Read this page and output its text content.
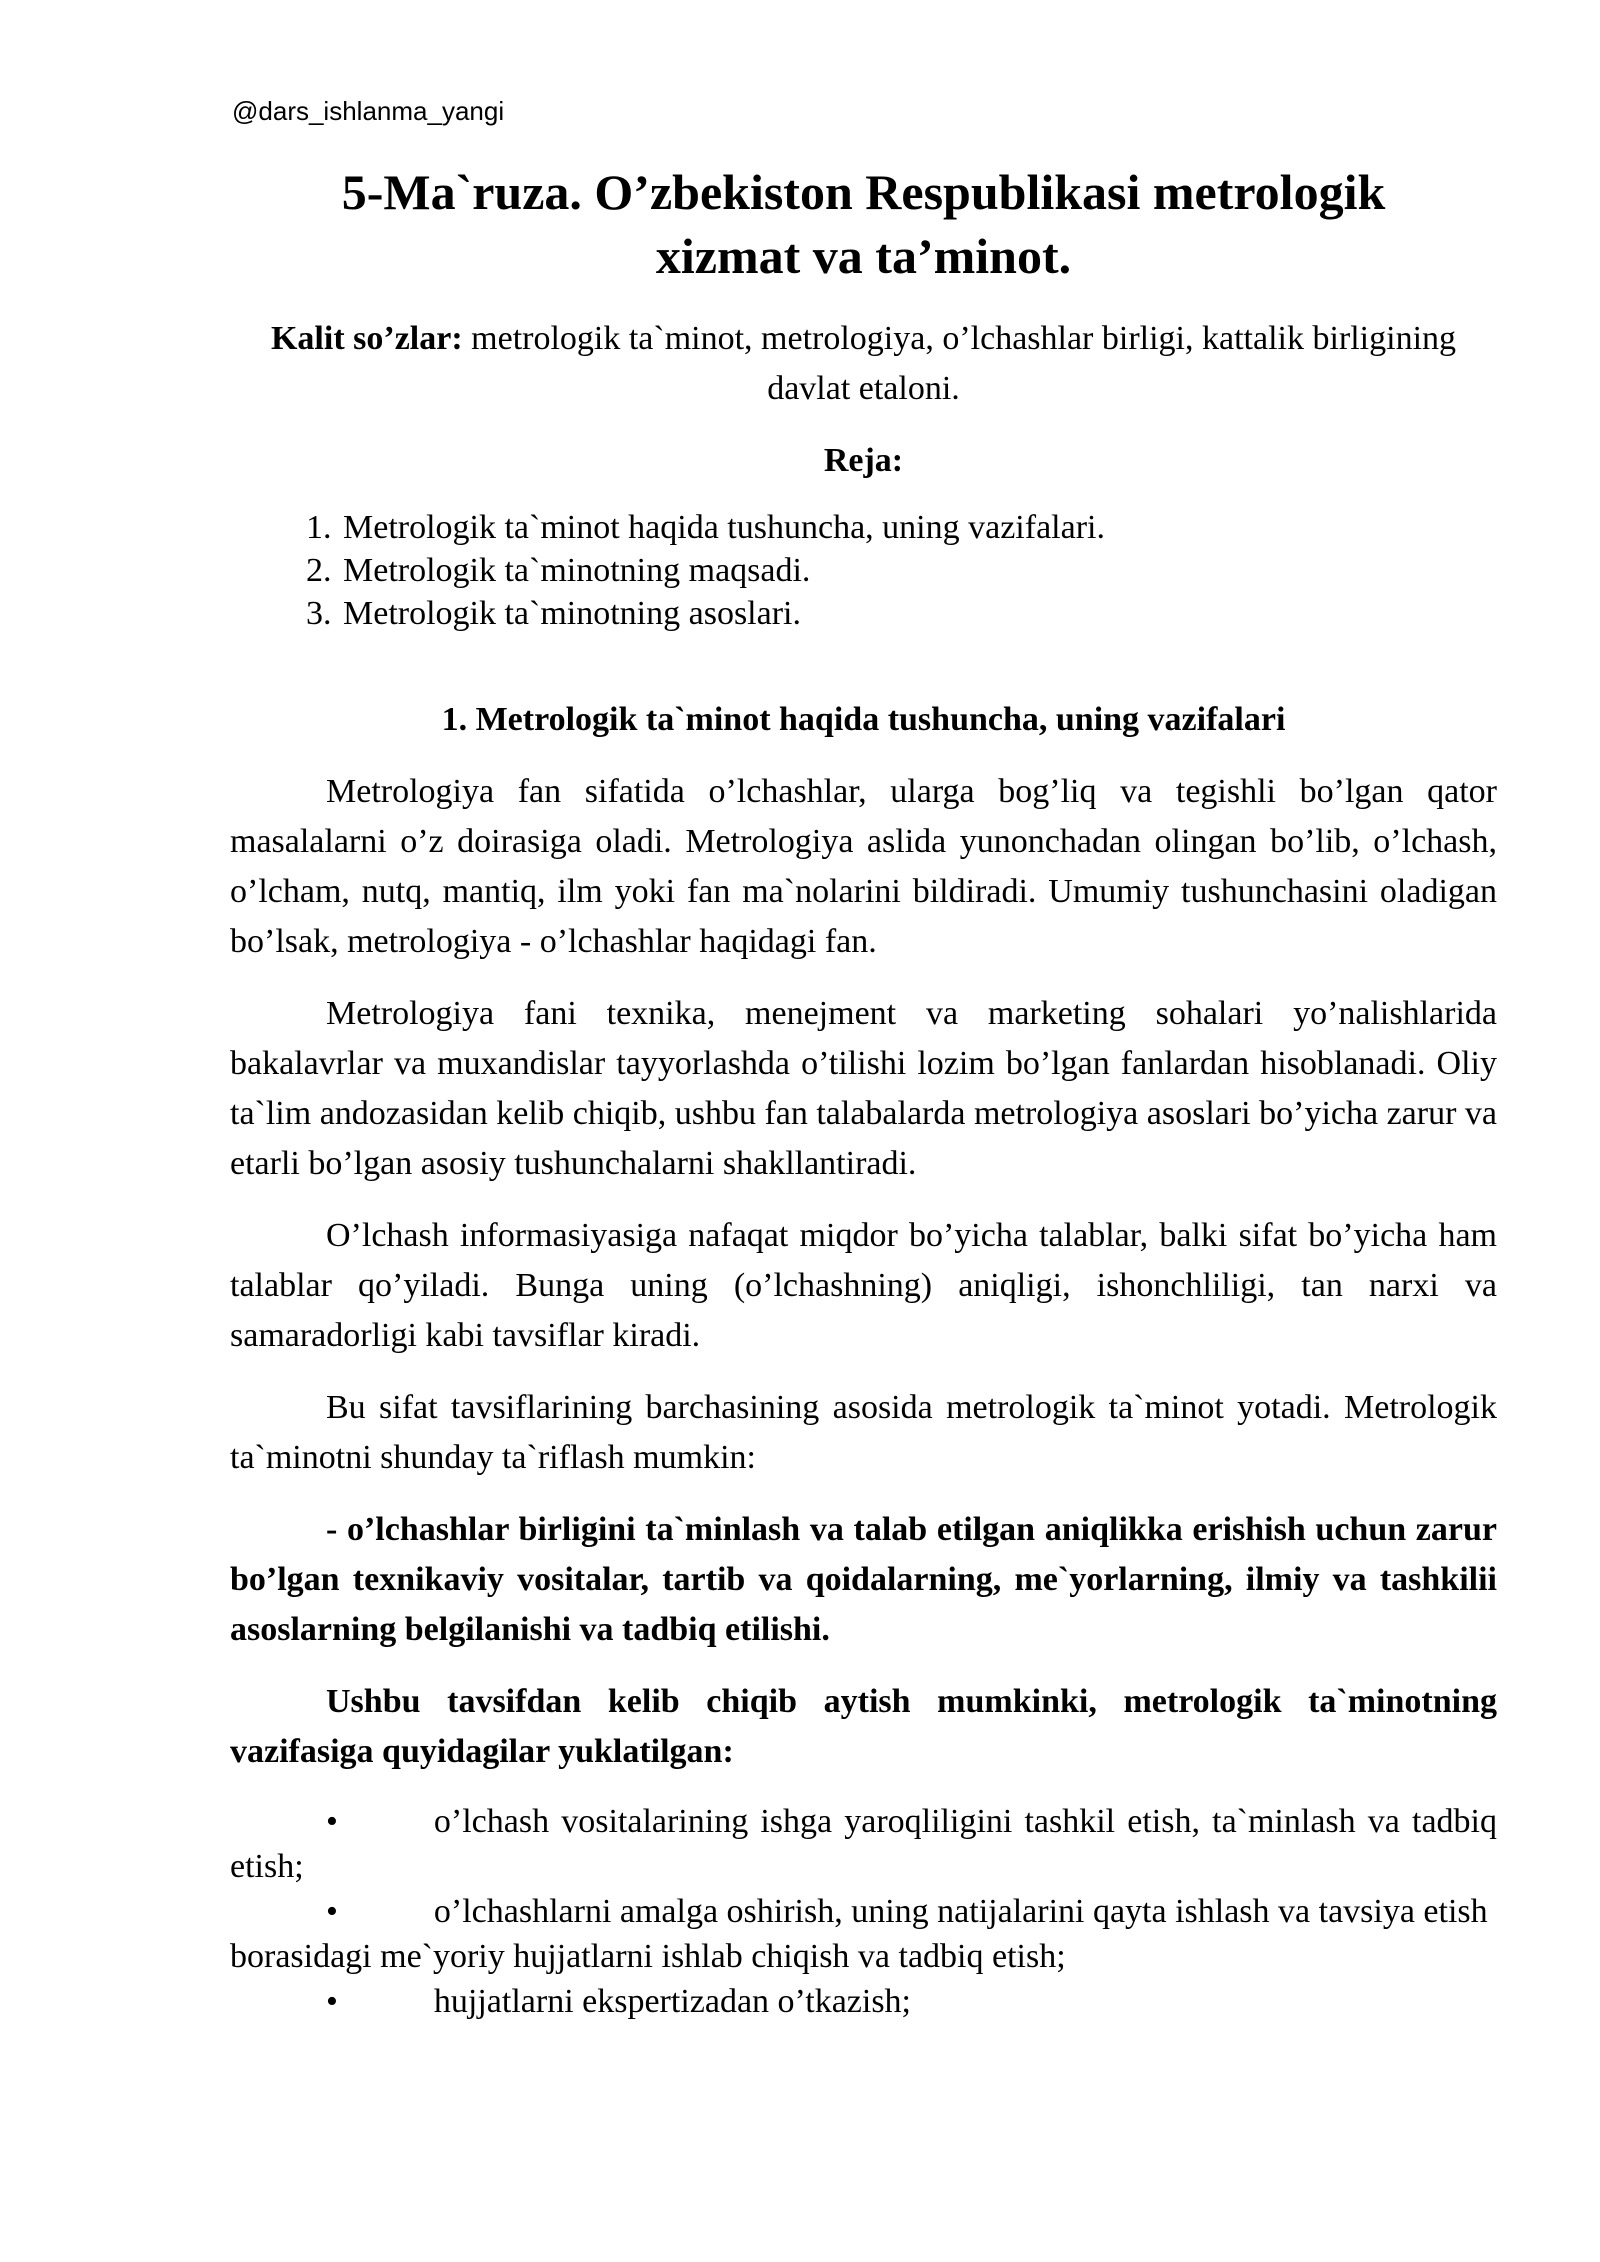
@dars_ishlanma_yangi
5-Ma`ruza. O’zbekiston Respublikasi metrologik
xizmat va ta’minot.
Kalit so’zlar: metrologik ta`minot, metrologiya, o’lchashlar birligi, kattalik birligining davlat etaloni.
Reja:
1. Metrologik ta`minot haqida tushuncha, uning vazifalari.
2. Metrologik ta`minotning maqsadi.
3. Metrologik ta`minotning asoslari.
1. Metrologik ta`minot haqida tushuncha, uning vazifalari

Metrologiya fan sifatida o’lchashlar, ularga bog’liq va tegishli bo’lgan qator masalalarni o’z doirasiga oladi. Metrologiya aslida yunonchadan olingan bo’lib, o’lchash, o’lcham, nutq, mantiq, ilm yoki fan ma`nolarini bildiradi. Umumiy tushunchasini oladigan bo’lsak, metrologiya - o’lchashlar haqidagi fan.

Metrologiya fani texnika, menejment va marketing sohalari yo’nalishlarida bakalavrlar va muxandislar tayyorlashda o’tilishi lozim bo’lgan fanlardan hisoblanadi. Oliy ta`lim andozasidan kelib chiqib, ushbu fan talabalarda metrologiya asoslari bo’yicha zarur va etarli bo’lgan asosiy tushunchalarni shakllantiradi.

O’lchash informasiyasiga nafaqat miqdor bo’yicha talablar, balki sifat bo’yicha ham talablar qo’yiladi. Bunga uning (o’lchashning) aniqligi, ishonchliligi, tan narxi va samaradorligi kabi tavsiflar kiradi.

Bu sifat tavsiflarining barchasining asosida metrologik ta`minot yotadi. Metrologik ta`minotni shunday ta`riflash mumkin:

- o’lchashlar birligini ta`minlash va talab etilgan aniqlikka erishish uchun zarur bo’lgan texnikaviy vositalar, tartib va qoidalarning, me`yorlarning, ilmiy va tashkilii asoslarning belgilanishi va tadbiq etilishi.

Ushbu tavsifdan kelib chiqib aytish mumkinki, metrologik ta`minotning vazifasiga quyidagilar yuklatilgan:

•	o’lchash vositalarining ishga yaroqliligini tashkil etish, ta`minlash va tadbiq etish;
•	o’lchashlarni amalga oshirish, uning natijalarini qayta ishlash va tavsiya etish borasidagi me`yoriy hujjatlarni ishlab chiqish va tadbiq etish;
•	hujjatlarni ekspertizadan o’tkazish;
